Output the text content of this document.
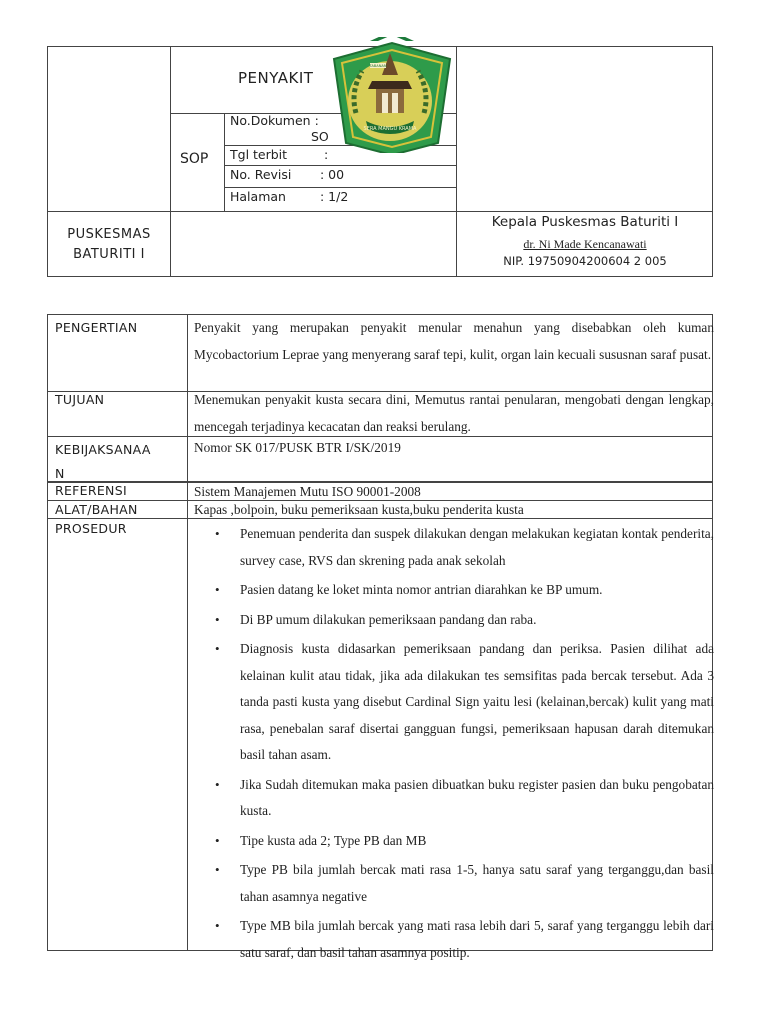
PENYAKIT
SOP
No.Dokumen :
SO
Tgl terbit	:
No. Revisi : 00
Halaman	: 1/2
PUSKESMAS
BATURITI I
Kepala Puskesmas Baturiti I
dr. Ni Made Kencanawati
NIP. 19750904200604 2 005
SERA MANGU KRAMA
TABANAN
PENGERTIAN	Penyakit yang merupakan penyakit menular menahun yang disebabkan oleh kuman Mycobactorium Leprae yang menyerang saraf tepi, kulit, organ lain kecuali sususnan saraf pusat.
TUJUAN	Menemukan penyakit kusta secara dini, Memutus rantai penularan, mengobati dengan lengkap, mencegah terjadinya kecacatan dan reaksi berulang.
KEBIJAKSANAA
N
Nomor SK 017/PUSK BTR I/SK/2019
REFERENSI	Sistem Manajemen Mutu ISO 90001-2008
ALAT/BAHAN	Kapas ,bolpoin, buku pemeriksaan kusta,buku penderita kusta
PROSEDUR
•	Penemuan penderita dan suspek dilakukan dengan melakukan kegiatan kontak penderita, survey case, RVS dan skrening pada anak sekolah
• Pasien datang ke loket minta nomor antrian diarahkan ke BP umum.
• Di BP umum dilakukan pemeriksaan pandang dan raba.
• Diagnosis kusta didasarkan pemeriksaan pandang dan periksa. Pasien dilihat ada kelainan kulit atau tidak, jika ada dilakukan tes semsifitas pada bercak tersebut. Ada 3 tanda pasti kusta yang disebut Cardinal Sign yaitu lesi (kelainan,bercak) kulit yang mati rasa, penebalan saraf disertai gangguan fungsi, pemeriksaan hapusan darah ditemukan basil tahan asam.
• Jika Sudah ditemukan maka pasien dibuatkan buku register pasien dan buku pengobatan kusta.
• Tipe kusta ada 2; Type PB dan MB
• Type PB bila jumlah bercak mati rasa 1-5, hanya satu saraf yang terganggu,dan basil tahan asamnya negative
• Type MB bila jumlah bercak yang mati rasa lebih dari 5, saraf yang terganggu lebih dari satu saraf, dan basil tahan asamnya positip.
